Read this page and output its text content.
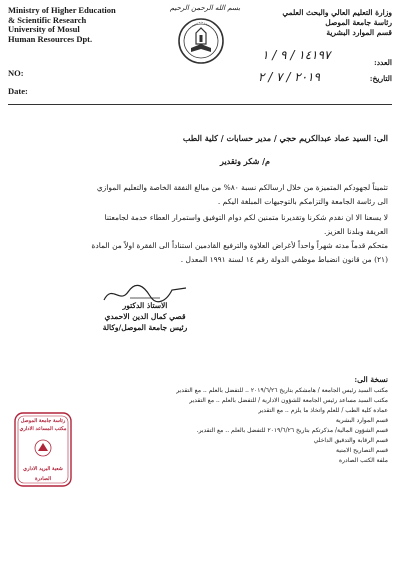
Ministry of Higher Education
& Scientific Research
University of Mosul
Human Resources Dpt.
NO:
Date:
بسم الله الرحمن الرحيم	وزارة التعليم العالي والبحث العلمي
رئاسة جامعة الموصل
قسم الموارد البشرية
العدد:
التاريخ:
١٤١٩٧ / ٩ / ١
٢٠١٩ / ٧ / ٢
الى: السيد عماد عبدالكريم حجي / مدير حسابات / كلية الطب
م/ شكر وتقدير
تثميناً لجهودكم المتميزة من خلال ارسالكم نسبة ٨٠% من مبالغ النفقة الخاصة والتعليم الموازي
الى رئاسة الجامعة والتزامكم بالتوجيهات المبلغة اليكم .
لا يسعنا الا ان نقدم شكرنا وتقديرنا متمنين لكم دوام التوفيق واستمرار العطاء خدمة لجامعتنا
العريقة وبلدنا العزيز.
متحكم قدماً مدته شهراً واحداً لأغراض العلاوة والترفيع القادمين استناداً الى الفقرة اولاً من المادة
(٢١) من قانون انضباط موظفي الدولة رقم ١٤ لسنة ١٩٩١ المعدل .
الاستاذ الدكتور
قصي كمال الدين الاحمدي
رئيس جامعة الموصل/وكالة
نسخة الى:
مكتب السيد رئيس الجامعة / هامشكم بتاريخ ٢٠١٩/٦/٢٦ .. للتفضل بالعلم .. مع التقدير
مكتب السيد مساعد رئيس الجامعة للشؤون الادارية / للتفضل بالعلم .. مع التقدير
عمادة كلية الطب / للعلم واتخاذ ما يلزم .. مع التقدير
قسم الموارد البشرية
قسم الشؤون المالية/ مذكرتكم بتاريخ ٢٠١٩/٦/٢٦ للتفضل بالعلم .. مع التقدير.
قسم الرقابة والتدقيق الداخلي
قسم التصاريح الامنية
ملفة الكتب الصادرة
رئاسة جامعة الموصل
مكتب المساعد الاداري
شعبة البريد الاداري
الصادرة
